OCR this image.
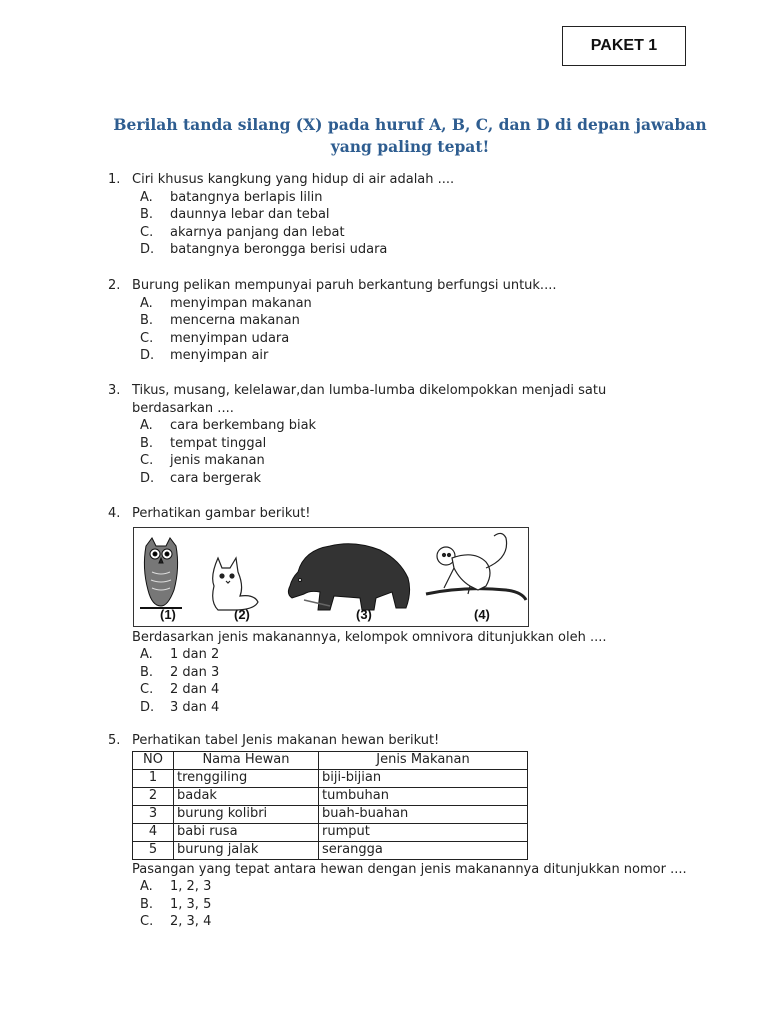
PAKET 1
Berilah tanda silang (X) pada huruf A, B, C, dan D di depan jawaban yang paling tepat!
1. Ciri khusus kangkung yang hidup di air adalah ....
A.	batangnya berlapis lilin
B.	daunnya lebar dan tebal
C.	akarnya panjang dan lebat
D.	batangnya berongga berisi udara
2. Burung pelikan mempunyai paruh berkantung berfungsi untuk....
A.	menyimpan makanan
B.	mencerna makanan
C.	menyimpan udara
D.	menyimpan air
3. Tikus, musang, kelelawar,dan lumba-lumba dikelompokkan menjadi satu berdasarkan ....
A.	cara berkembang biak
B.	tempat tinggal
C.	jenis makanan
D.	cara bergerak
4. Perhatikan gambar berikut!
(1)	(2)	(3)	(4)
Berdasarkan jenis makanannya, kelompok omnivora ditunjukkan oleh ....
A.	1 dan 2
B.	2 dan 3
C.	2 dan 4
D.	3 dan 4
5. Perhatikan tabel Jenis makanan hewan berikut!
NO	Nama Hewan	Jenis Makanan
1	trenggiling	biji-bijian
2	badak	tumbuhan
3	burung kolibri	buah-buahan
4	babi rusa	rumput
5	burung jalak	serangga
Pasangan yang tepat antara hewan dengan jenis makanannya ditunjukkan nomor ....
A.	1, 2, 3
B.	1, 3, 5
C.	2, 3, 4
